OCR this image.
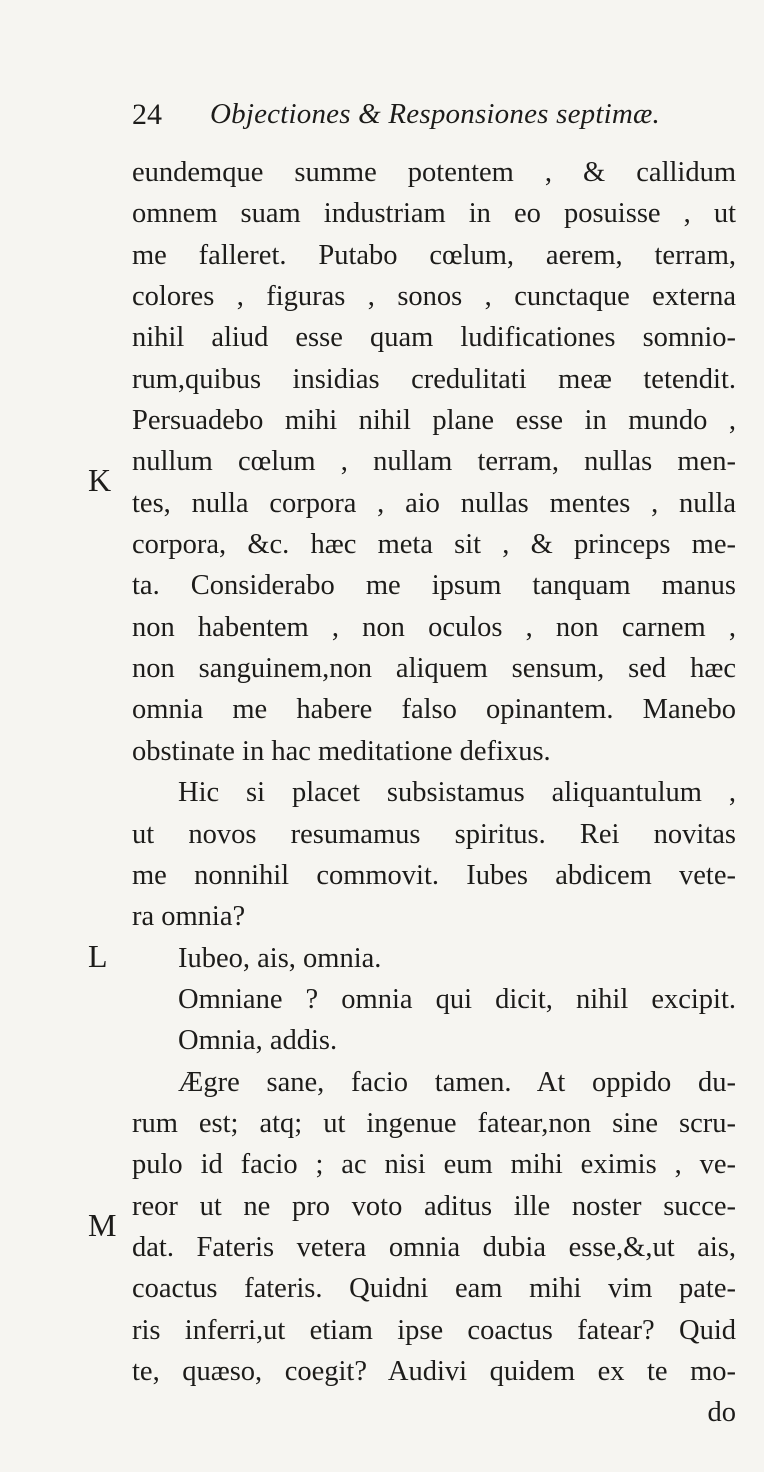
24 Objectiones & Responsiones septimæ.
K
L
M
eundemque summe potentem , & callidum
omnem suam industriam in eo posuisse , ut
me falleret. Putabo cœlum, aerem, terram,
colores , figuras , sonos , cunctaque externa
nihil aliud esse quam ludificationes somnio-
rum,quibus insidias credulitati meæ tetendit.
Persuadebo mihi nihil plane esse in mundo ,
nullum cœlum , nullam terram, nullas men-
tes, nulla corpora , aio nullas mentes , nulla
corpora, &c. hæc meta sit , & princeps me-
ta. Considerabo me ipsum tanquam manus
non habentem , non oculos , non carnem ,
non sanguinem,non aliquem sensum, sed hæc
omnia me habere falso opinantem. Manebo
obstinate in hac meditatione defixus.
Hic si placet subsistamus aliquantulum ,
ut novos resumamus spiritus. Rei novitas
me nonnihil commovit. Iubes abdicem vete-
ra omnia?
Iubeo, ais, omnia.
Omniane ? omnia qui dicit, nihil excipit.
Omnia, addis.
Ægre sane, facio tamen. At oppido du-
rum est; atq; ut ingenue fatear,non sine scru-
pulo id facio ; ac nisi eum mihi eximis , ve-
reor ut ne pro voto aditus ille noster succe-
dat. Fateris vetera omnia dubia esse,&,ut ais,
coactus fateris. Quidni eam mihi vim pate-
ris inferri,ut etiam ipse coactus fatear? Quid
te, quæso, coegit? Audivi quidem ex te mo-
do
